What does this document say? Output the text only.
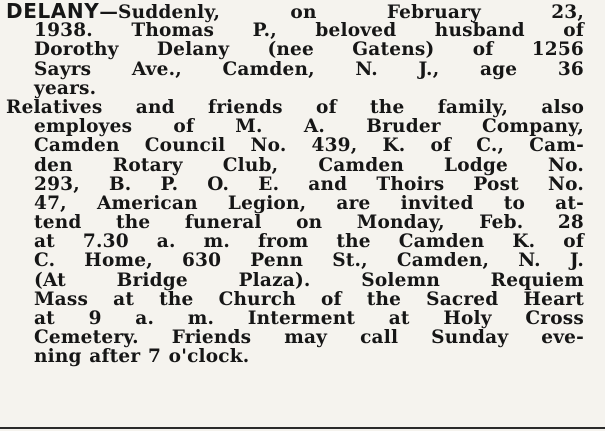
DELANY—Suddenly, on February 23,
1938. Thomas P., beloved husband of
Dorothy Delany (nee Gatens) of 1256
Sayrs Ave., Camden, N. J., age 36
years.
Relatives and friends of the family, also
employes of M. A. Bruder Company,
Camden Council No. 439, K. of C., Cam-
den Rotary Club, Camden Lodge No.
293, B. P. O. E. and Thoirs Post No.
47, American Legion, are invited to at-
tend the funeral on Monday, Feb. 28
at 7.30 a. m. from the Camden K. of
C. Home, 630 Penn St., Camden, N. J.
(At Bridge Plaza). Solemn Requiem
Mass at the Church of the Sacred Heart
at 9 a. m. Interment at Holy Cross
Cemetery. Friends may call Sunday eve-
ning after 7 o'clock.
